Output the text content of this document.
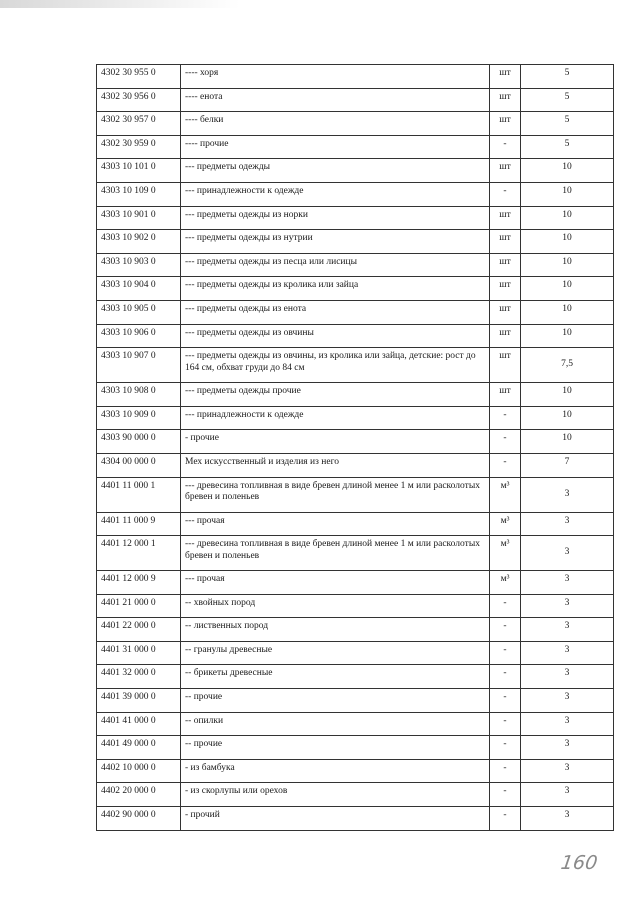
4302 30 955 0	---- хоря	шт	5
4302 30 956 0	---- енота	шт	5
4302 30 957 0	---- белки	шт	5
4302 30 959 0	---- прочие	-	5
4303 10 101 0	--- предметы одежды	шт	10
4303 10 109 0	--- принадлежности к одежде	-	10
4303 10 901 0	--- предметы одежды из норки	шт	10
4303 10 902 0	--- предметы одежды из нутрии	шт	10
4303 10 903 0	--- предметы одежды из песца или лисицы	шт	10
4303 10 904 0	--- предметы одежды из кролика или зайца	шт	10
4303 10 905 0	--- предметы одежды из енота	шт	10
4303 10 906 0	--- предметы одежды из овчины	шт	10
4303 10 907 0	--- предметы одежды из овчины, из кролика или зайца, детские: рост до 164 см, обхват груди до 84 см	шт	7,5
4303 10 908 0	--- предметы одежды прочие	шт	10
4303 10 909 0	--- принадлежности к одежде	-	10
4303 90 000 0	- прочие	-	10
4304 00 000 0	Мех искусственный и изделия из него	-	7
4401 11 000 1	--- древесина топливная в виде бревен длиной менее 1 м или расколотых бревен и поленьев	м³	3
4401 11 000 9	--- прочая	м³	3
4401 12 000 1	--- древесина топливная в виде бревен длиной менее 1 м или расколотых бревен и поленьев	м³	3
4401 12 000 9	--- прочая	м³	3
4401 21 000 0	-- хвойных пород	-	3
4401 22 000 0	-- лиственных пород	-	3
4401 31 000 0	-- гранулы древесные	-	3
4401 32 000 0	-- брикеты древесные	-	3
4401 39 000 0	-- прочие	-	3
4401 41 000 0	-- опилки	-	3
4401 49 000 0	-- прочие	-	3
4402 10 000 0	- из бамбука	-	3
4402 20 000 0	- из скорлупы или орехов	-	3
4402 90 000 0	- прочий	-	3
160
